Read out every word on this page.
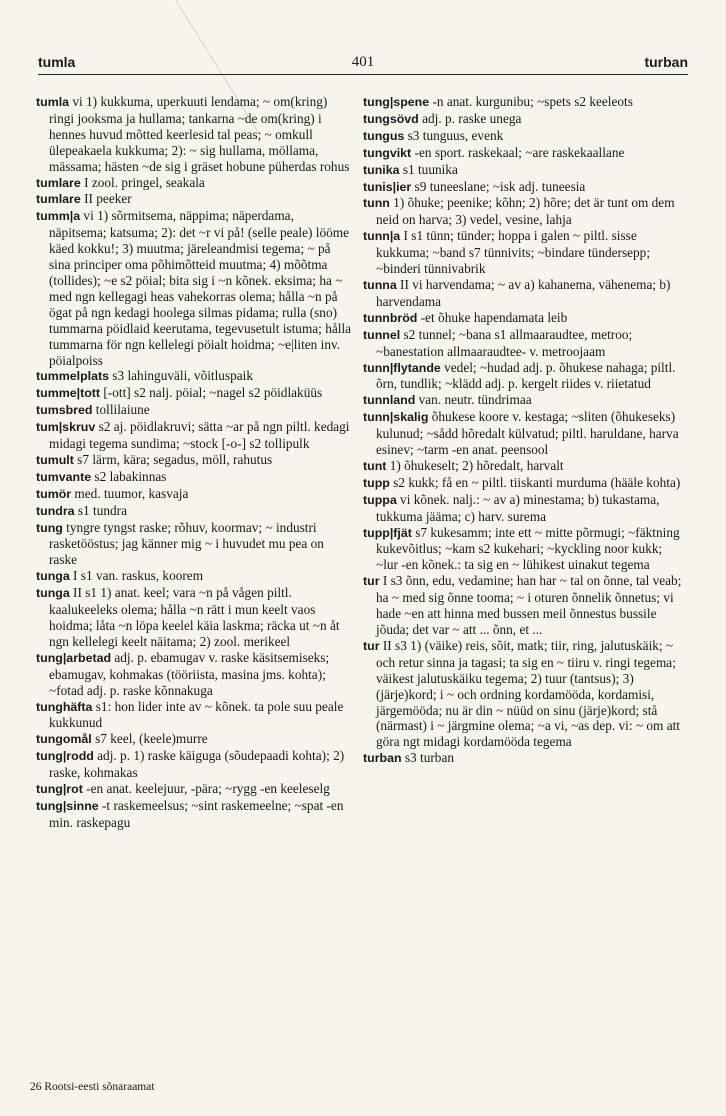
tumla	401	turban

tumla vi 1) kukkuma, uperkuuti lendama; ~ om(kring) ringi jooksma ja hullama; tankarna ~de om(kring) i hennes huvud mõtted keerlesid tal peas; ~ omkull ülepeakaela kukkuma; 2): ~ sig hullama, möllama, mässama; hästen ~de sig i gräset hobune püherdas rohus

tumlare I zool. pringel, seakala

tumlare II peeker

tumm|a vi 1) sõrmitsema, näppima; näperdama, näpitsema; katsuma; 2): det ~r vi på! (selle peale) lööme käed kokku!; 3) muutma; järeleandmisi tegema; ~ på sina principer oma põhimõtteid muutma; 4) mõõtma (tollides); ~e s2 pöial; bita sig i ~n kõnek. eksima; ha ~ med ngn kellegagi heas vahekorras olema; hålla ~n på ögat på ngn kedagi hoolega silmas pidama; rulla (sno) tummarna pöidlaid keerutama, tegevusetult istuma; hålla tummarna för ngn kellelegi pöialt hoidma; ~e|liten inv. pöialpoiss

tummelplats s3 lahinguväli, võitluspaik

tumme|tott [-ott] s2 nalj. pöial; ~nagel s2 pöidlaküüs

tumsbred tollilaiune

tum|skruv s2 aj. pöidlakruvi; sätta ~ar på ngn piltl. kedagi midagi tegema sundima; ~stock [-o-] s2 tollipulk

tumult s7 lärm, kära; segadus, möll, rahutus

tumvante s2 labakinnas

tumör med. tuumor, kasvaja

tundra s1 tundra

tung tyngre tyngst raske; rõhuv, koormav; ~ industri rasketööstus; jag känner mig ~ i huvudet mu pea on raske

tunga I s1 van. raskus, koorem

tunga II s1 1) anat. keel; vara ~n på vågen piltl. kaalukeeleks olema; hålla ~n rätt i mun keelt vaos hoidma; låta ~n löpa keelel käia laskma; räcka ut ~n åt ngn kellelegi keelt näitama; 2) zool. merikeel

tung|arbetad adj. p. ebamugav v. raske käsitsemiseks; ebamugav, kohmakas (tööriista, masina jms. kohta); ~fotad adj. p. raske kõnnakuga

tunghäfta s1: hon lider inte av ~ kõnek. ta pole suu peale kukkunud

tungomål s7 keel, (keele)murre

tung|rodd adj. p. 1) raske käiguga (sõudepaadi kohta); 2) raske, kohmakas

tung|rot -en anat. keelejuur, -pära; ~rygg -en keeleselg

tung|sinne -t raskemeelsus; ~sint raskemeelne; ~spat -en min. raskepagu

tung|spene -n anat. kurgunibu; ~spets s2 keeleots

tungsövd adj. p. raske unega

tungus s3 tunguus, evenk

tungvikt -en sport. raskekaal; ~are raskekaallane

tunika s1 tuunika

tunis|ier s9 tuneeslane; ~isk adj. tuneesia

tunn 1) õhuke; peenike; kõhn; 2) hõre; det är tunt om dem neid on harva; 3) vedel, vesine, lahja

tunn|a I s1 tünn; tünder; hoppa i galen ~ piltl. sisse kukkuma; ~band s7 tünnivits; ~bindare tündersepp; ~binderi tünnivabrik

tunna II vi harvendama; ~ av a) kahanema, vähenema; b) harvendama

tunnbröd -et õhuke hapendamata leib

tunnel s2 tunnel; ~bana s1 allmaaraudtee, metroo; ~banestation allmaaraudtee- v. metroojaam

tunn|flytande vedel; ~hudad adj. p. õhukese nahaga; piltl. õrn, tundlik; ~klädd adj. p. kergelt riides v. riietatud

tunnland van. neutr. tündrimaa

tunn|skalig õhukese koore v. kestaga; ~sliten (õhukeseks) kulunud; ~sådd hõredalt külvatud; piltl. haruldane, harva esinev; ~tarm -en anat. peensool

tunt 1) õhukeselt; 2) hõredalt, harvalt

tupp s2 kukk; få en ~ piltl. tiiskanti murduma (hääle kohta)

tuppa vi kõnek. nalj.: ~ av a) minestama; b) tukastama, tukkuma jääma; c) harv. surema

tupp|fjät s7 kukesamm; inte ett ~ mitte põrmugi; ~fäktning kukevõitlus; ~kam s2 kukehari; ~kyckling noor kukk; ~lur -en kõnek.: ta sig en ~ lühikest uinakut tegema

tur I s3 õnn, edu, vedamine; han har ~ tal on õnne, tal veab; ha ~ med sig õnne tooma; ~ i oturen õnnelik õnnetus; vi hade ~en att hinna med bussen meil õnnestus bussile jõuda; det var ~ att ... õnn, et ...

tur II s3 1) (väike) reis, sõit, matk; tiir, ring, jalutuskäik; ~ och retur sinna ja tagasi; ta sig en ~ tiiru v. ringi tegema; väikest jalutuskäiku tegema; 2) tuur (tantsus); 3) (järje)kord; i ~ och ordning kordamööda, kordamisi, järgemööda; nu är din ~ nüüd on sinu (järje)kord; stå (närmast) i ~ järgmine olema; ~a vi, ~as dep. vi: ~ om att göra ngt midagi kordamööda tegema

turban s3 turban

26 Rootsi-eesti sõnaraamat
